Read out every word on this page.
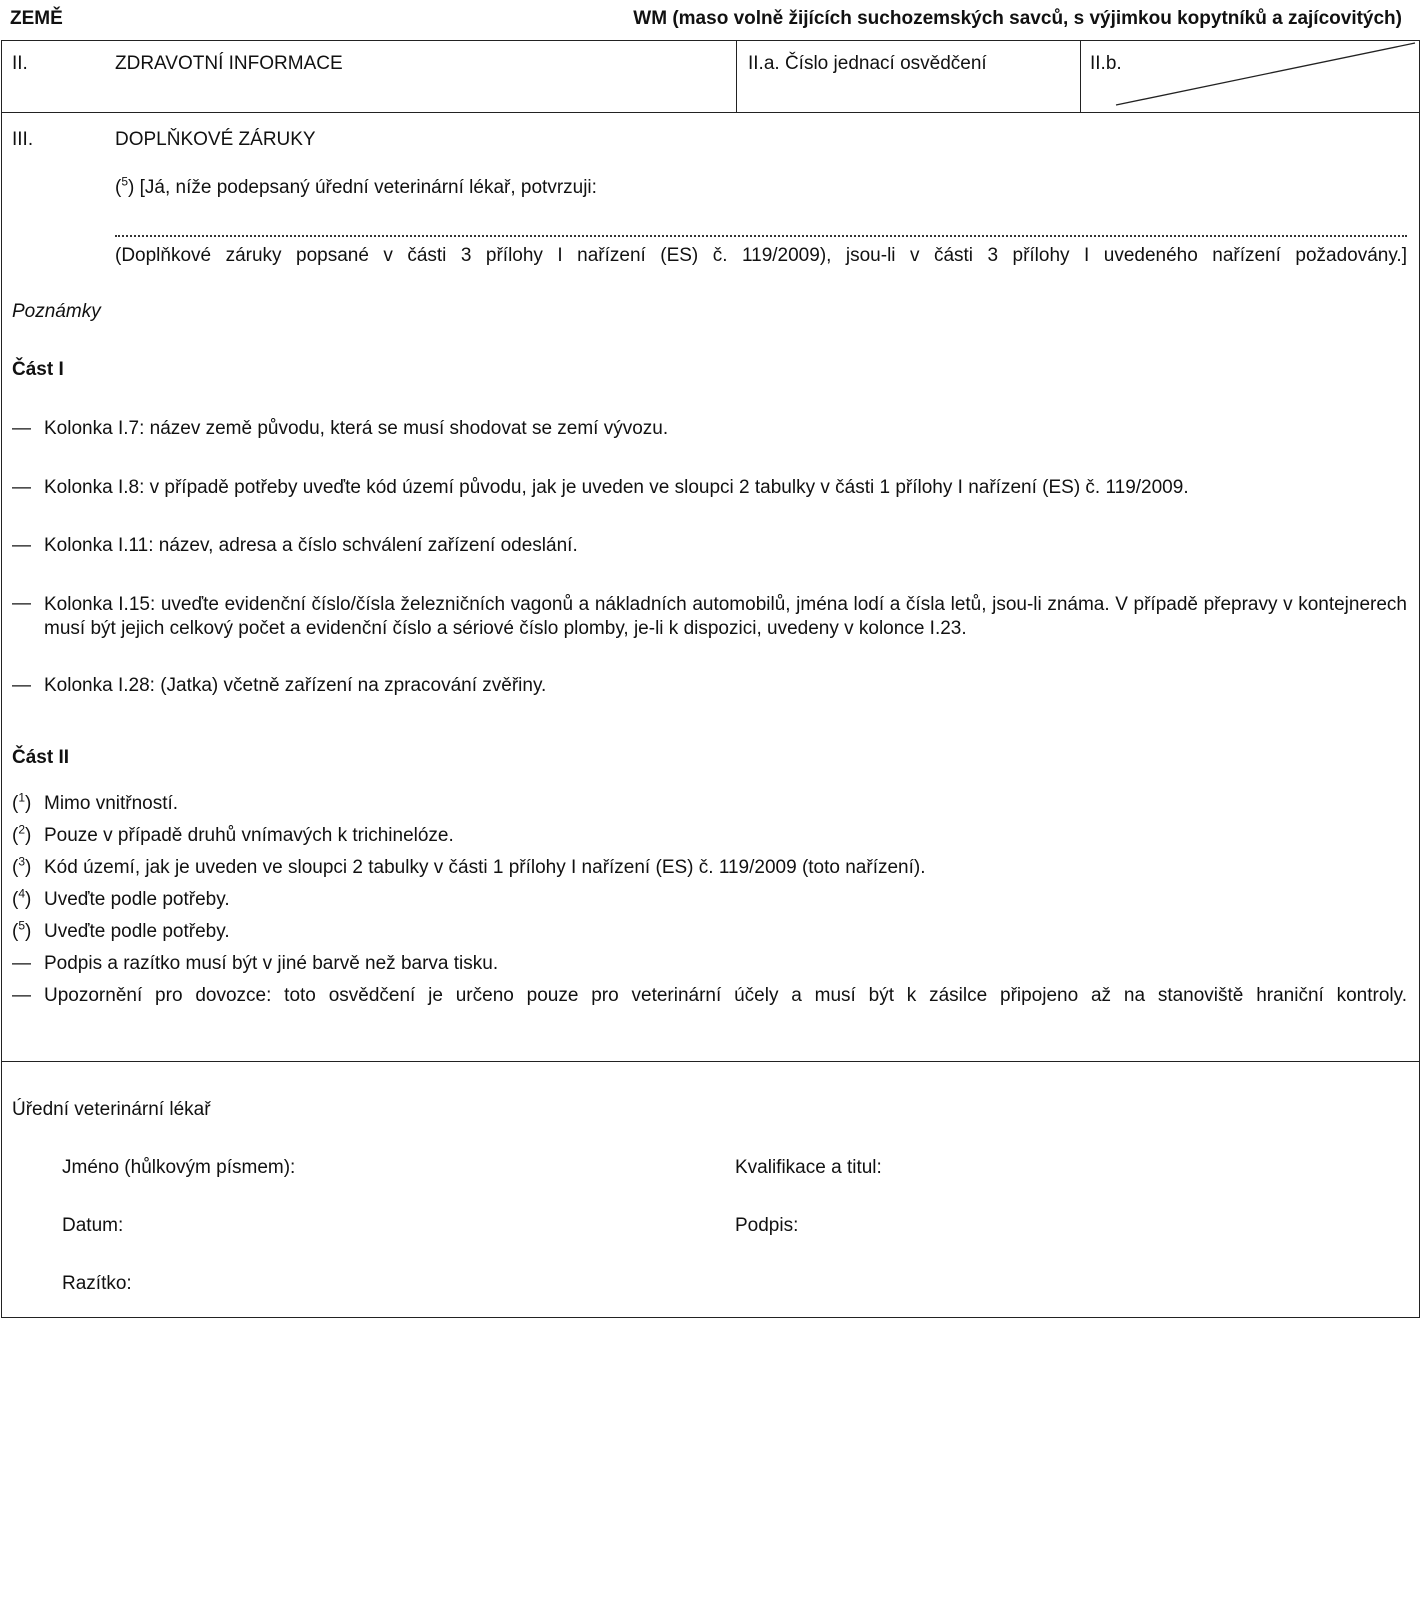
ZEMĚ	WM (maso volně žijících suchozemských savců, s výjimkou kopytníků a zajícovitých)
II.	ZDRAVOTNÍ INFORMACE	II.a. Číslo jednací osvědčení	II.b.
III.	DOPLŇKOVÉ ZÁRUKY
($^5$) [Já, níže podepsaný úřední veterinární lékař, potvrzuji:
(Doplňkové záruky popsané v části 3 přílohy I nařízení (ES) č. 119/2009), jsou-li v části 3 přílohy I uvedeného nařízení požadovány.]
Poznámky
Část I
— Kolonka I.7: název země původu, která se musí shodovat se zemí vývozu.
— Kolonka I.8: v případě potřeby uveďte kód území původu, jak je uveden ve sloupci 2 tabulky v části 1 přílohy I nařízení (ES) č. 119/2009.
— Kolonka I.11: název, adresa a číslo schválení zařízení odeslání.
— Kolonka I.15: uveďte evidenční číslo/čísla železničních vagonů a nákladních automobilů, jména lodí a čísla letů, jsou-li známa. V případě přepravy v kontejnerech musí být jejich celkový počet a evidenční číslo a sériové číslo plomby, je-li k dispozici, uvedeny v kolonce I.23.
— Kolonka I.28: (Jatka) včetně zařízení na zpracování zvěřiny.
Část II
($^1$) Mimo vnitřností.
($^2$) Pouze v případě druhů vnímavých k trichinelóze.
($^3$) Kód území, jak je uveden ve sloupci 2 tabulky v části 1 přílohy I nařízení (ES) č. 119/2009 (toto nařízení).
($^4$) Uveďte podle potřeby.
($^5$) Uveďte podle potřeby.
— Podpis a razítko musí být v jiné barvě než barva tisku.
— Upozornění pro dovozce: toto osvědčení je určeno pouze pro veterinární účely a musí být k zásilce připojeno až na stanoviště hraniční kontroly.
Úřední veterinární lékař
Jméno (hůlkovým písmem):	Kvalifikace a titul:
Datum:	Podpis:
Razítko:
